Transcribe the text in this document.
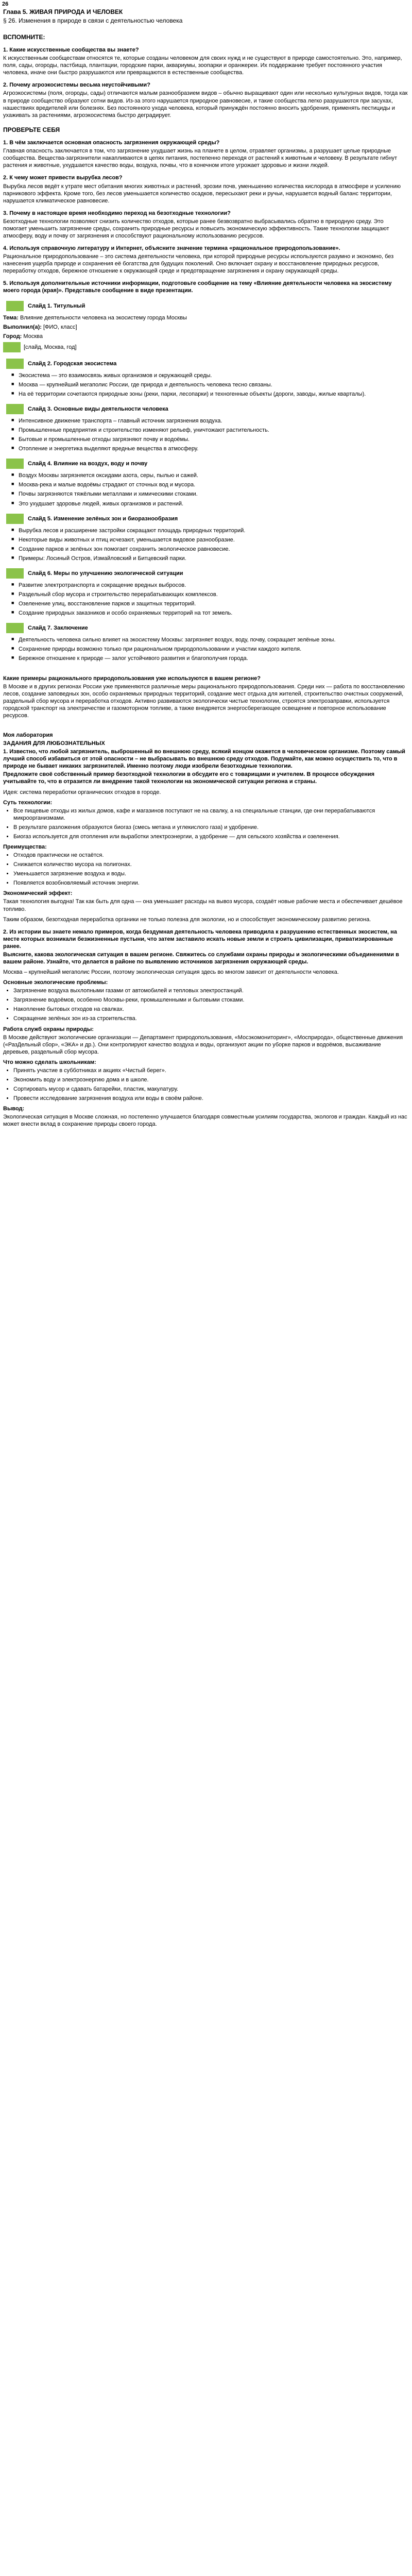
26
Глава 5. ЖИВАЯ ПРИРОДА И ЧЕЛОВЕК
§ 26. Изменения в природе в связи с деятельностью человека
ВСПОМНИТЕ:
1. Какие искусственные сообщества вы знаете?

К искусственным сообществам относятся те, которые созданы человеком для своих нужд и не существуют в природе самостоятельно. Это, например, поля, сады, огороды, пастбища, плантации, городские парки, аквариумы, зоопарки и оранжереи. Их поддержание требует постоянного участия человека, иначе они быстро разрушаются или превращаются в естественные сообщества.

2. Почему агроэкосистемы весьма неустойчивыми?

Агроэкосистемы (поля, огороды, сады) отличаются малым разнообразием видов – обычно выращивают один или несколько культурных видов, тогда как в природе сообщество образуют сотни видов. Из-за этого нарушается природное равновесие, и такие сообщества легко разрушаются при засухах, нашествиях вредителей или болезнях. Без постоянного ухода человека, который принуждён постоянно вносить удобрения, применять пестициды и ухаживать за растениями, агроэкосистема быстро деградирует.

ПРОВЕРЬТЕ СЕБЯ
1. В чём заключается основная опасность загрязнения окружающей среды?

Главная опасность заключается в том, что загрязнение ухудшает жизнь на планете в целом, отравляет организмы, а разрушает целые природные сообщества. Вещества-загрязнители накапливаются в цепях питания, постепенно переходя от растений к животным и человеку. В результате гибнут растения и животные, ухудшается качество воды, воздуха, почвы, что в конечном итоге угрожает здоровью и жизни людей.

2. К чему может привести вырубка лесов?

Вырубка лесов ведёт к утрате мест обитания многих животных и растений, эрозии почв, уменьшению количества кислорода в атмосфере и усилению парникового эффекта. Кроме того, без лесов уменьшается количество осадков, пересыхают реки и ручьи, нарушается водный баланс территории, нарушается климатическое равновесие.

3. Почему в настоящее время необходимо переход на безотходные технологии?

Безотходные технологии позволяют снизить количество отходов, которые ранее безвозвратно выбрасывались обратно в природную среду. Это помогает уменьшить загрязнение среды, сохранить природные ресурсы и повысить экономическую эффективность. Такие технологии защищают атмосферу, воду и почву от загрязнения и способствуют рациональному использованию ресурсов.

4. Используя справочную литературу и Интернет, объясните значение термина «рациональное природопользование».

Рациональное природопользование – это система деятельности человека, при которой природные ресурсы используются разумно и экономно, без нанесения ущерба природе и сохранения её богатства для будущих поколений. Оно включает охрану и восстановление природных ресурсов, переработку отходов, бережное отношение к окружающей среде и предотвращение загрязнения и охрану окружающей среды.

5. Используя дополнительные источники информации, подготовьте сообщение на тему «Влияние деятельности человека на экосистему моего города (края)». Представьте сообщение в виде презентации.
Слайд 1. Титульный

Тема: Влияние деятельности человека на экосистему города Москвы

Выполнил(а): [ФИО, класс]

Город: Москва

[слайд, Москва, год]

Слайд 2. Городская экосистема
■ Экосистема — это взаимосвязь живых организмов и окружающей среды.
■ Москва — крупнейший мегаполис России, где природа и деятельность человека тесно связаны.
■ На её территории сочетаются природные зоны (реки, парки, лесопарки) и техногенные объекты (дороги, заводы, жилые кварталы).
Слайд 3. Основные виды деятельности человека
■ Интенсивное движение транспорта – главный источник загрязнения воздуха.
■ Промышленные предприятия и строительство изменяют рельеф, уничтожают растительность.
■ Бытовые и промышленные отходы загрязняют почву и водоёмы.
■ Отопление и энергетика выделяют вредные вещества в атмосферу.
Слайд 4. Влияние на воздух, воду и почву
■ Воздух Москвы загрязняется оксидами азота, серы, пылью и сажей.
■ Москва-река и малые водоёмы страдают от сточных вод и мусора.
■ Почвы загрязняются тяжёлыми металлами и химическими стоками.
■ Это ухудшает здоровье людей, живых организмов и растений.
Слайд 5. Изменение зелёных зон и биоразнообразия
■ Вырубка лесов и расширение застройки сокращают площадь природных территорий.
■ Некоторые виды животных и птиц исчезают, уменьшается видовое разнообразие.
■ Создание парков и зелёных зон помогает сохранить экологическое равновесие.
■ Примеры: Лосиный Остров, Измайловский и Битцевский парки.
Слайд 6. Меры по улучшению экологической ситуации
■ Развитие электротранспорта и сокращение вредных выбросов.
■ Раздельный сбор мусора и строительство перерабатывающих комплексов.
■ Озеленение улиц, восстановление парков и защитных территорий.
■ Создание природных заказников и особо охраняемых территорий на тот земель.
Слайд 7. Заключение
■ Деятельность человека сильно влияет на экосистему Москвы: загрязняет воздух, воду, почву, сокращает зелёные зоны.
■ Сохранение природы возможно только при рациональном природопользовании и участии каждого жителя.
■ Бережное отношение к природе — залог устойчивого развития и благополучия города.
Какие примеры рационального природопользования уже используются в вашем регионе?

В Москве и в других регионах России уже применяются различные меры рационального природопользования. Среди них — работа по восстановлению лесов, создание заповедных зон, особо охраняемых природных территорий, создание мест отдыха для жителей, строительство очистных сооружений, раздельный сбор мусора и переработка отходов. Активно развиваются экологически чистые технологии, строятся электрозаправки, используется городской транспорт на электричестве и газомоторном топливе, а также внедряется энергосберегающее освещение и повторное использование ресурсов.

Моя лаборатория
ЗАДАНИЯ ДЛЯ ЛЮБОЗНАТЕЛЬНЫХ
1. Известно, что любой загрязнитель, выброшенный во внешнюю среду, всякий концом окажется в человеческом организме. Поэтому самый лучший способ избавиться от этой опасности – не выбрасывать во внешнюю среду отходов. Подумайте, как можно осуществить то, что в природе не бывает никаких загрязнителей. Именно поэтому люди изобрели безотходные технологии.

Предложите своё собственный пример безотходной технологии в обсудите его с товарищами и учителем. В процессе обсуждения учитывайте то, что в отразится ли внедрение такой технологии на экономической ситуации региона и страны.

Идея: система переработки органических отходов в городе.

Суть технологии:
• Все пищевые отходы из жилых домов, кафе и магазинов поступают не на свалку, а на специальные станции, где они перерабатываются микроорганизмами.
• В результате разложения образуются биогаз (смесь метана и углекислого газа) и удобрение.
• Биогаз используется для отопления или выработки электроэнергии, а удобрение — для сельского хозяйства и озеленения.
Преимущества:
• Отходов практически не остаётся.
• Снижается количество мусора на полигонах.
• Уменьшается загрязнение воздуха и воды.
• Появляется возобновляемый источник энергии.
Экономический эффект:

Такая технология выгодна! Так как быть для одна — она уменьшает расходы на вывоз мусора, создаёт новые рабочие места и обеспечивает дешёвое топливо.

Таким образом, безотходная переработка органики не только полезна для экологии, но и способствует экономическому развитию региона.

2. Из истории вы знаете немало примеров, когда бездумная деятельность человека приводила к разрушению естественных экосистем, на месте которых возникали безжизненные пустыни, что затем заставило искать новые земли и строить цивилизации, приватизированные ранее.

Выясните, какова экологическая ситуация в вашем регионе. Свяжитесь со службами охраны природы и экологическими объединениями в вашем районе. Узнайте, что делается в районе по выявлению источников загрязнения окружающей среды.

Москва – крупнейший мегаполис России, поэтому экологическая ситуация здесь во многом зависит от деятельности человека.

Основные экологические проблемы:
• Загрязнение воздуха выхлопными газами от автомобилей и тепловых электростанций.
• Загрязнение водоёмов, особенно Москвы-реки, промышленными и бытовыми стоками.
• Накопление бытовых отходов на свалках.
• Сокращение зелёных зон из-за строительства.
Работа служб охраны природы:

В Москве действуют экологические организации — Департамент природопользования, «Мосэкомониторинг», «Мосприрода», общественные движения («РазДельный сбор», «ЭКА» и др.). Они контролируют качество воздуха и воды, организуют акции по уборке парков и водоёмов, высаживание деревьев, раздельный сбор мусора.

Что можно сделать школьникам:
• Принять участие в субботниках и акциях «Чистый берег».
• Экономить воду и электроэнергию дома и в школе.
• Сортировать мусор и сдавать батарейки, пластик, макулатуру.
• Провести исследование загрязнения воздуха или воды в своём районе.
Вывод:

Экологическая ситуация в Москве сложная, но постепенно улучшается благодаря совместным усилиям государства, экологов и граждан. Каждый из нас может внести вклад в сохранение природы своего города.
